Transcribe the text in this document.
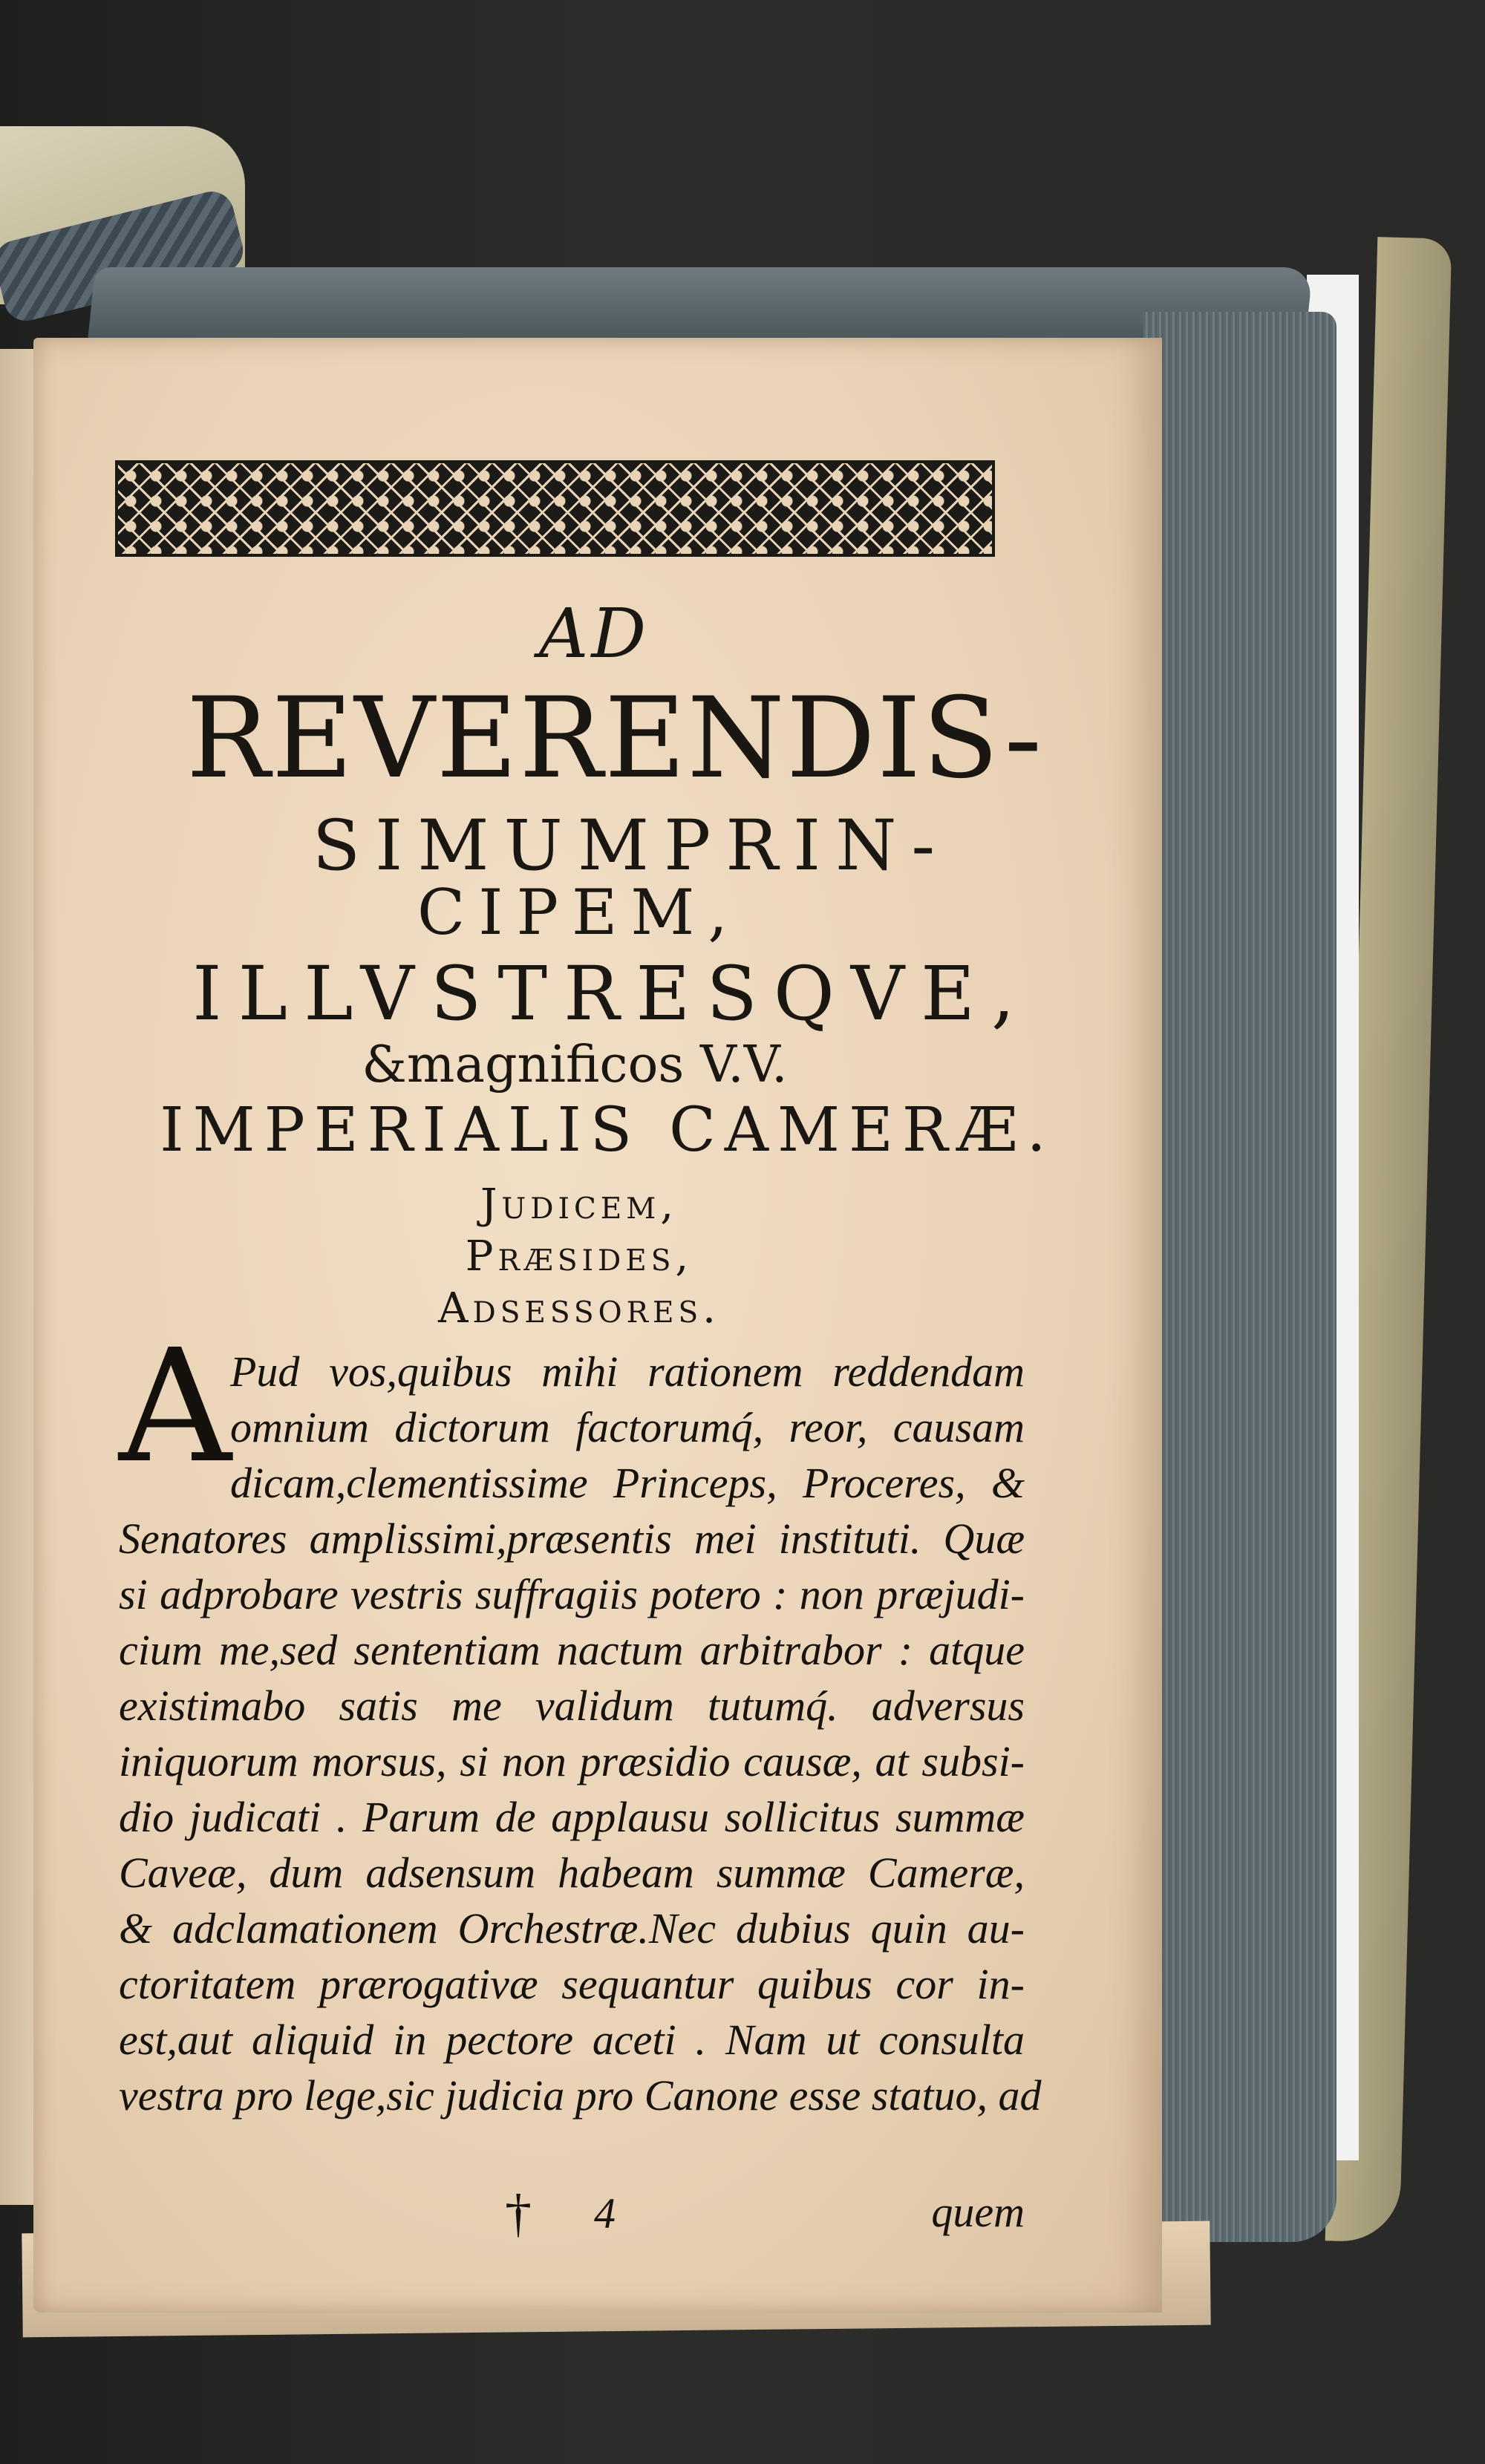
AD

REVERENDIS-

SIMUMPRIN-

CIPEM,

ILLVSTRESQVE,

&magnificos V.V.

IMPERIALIS CAMERÆ.

Judicem,

Præsides,

Adsessores.

A

Pud vos,quibus mihi rationem reddendam
omnium dictorum factorumq́, reor, causam
dicam,clementissime Princeps, Proceres, &
Senatores amplissimi,præsentis mei instituti. Quæ
si adprobare vestris suffragiis potero : non præjudi-
cium me,sed sententiam nactum arbitrabor : atque
existimabo satis me validum tutumq́. adversus
iniquorum morsus, si non præsidio causæ, at subsi-
dio judicati . Parum de applausu sollicitus summæ
Caveæ, dum adsensum habeam summæ Cameræ,
& adclamationem Orchestræ.Nec dubius quin au-
ctoritatem prærogativæ sequantur quibus cor in-
est,aut aliquid in pectore aceti . Nam ut consulta
vestra pro lege,sic judicia pro Canone esse statuo, ad

† 4	quem
